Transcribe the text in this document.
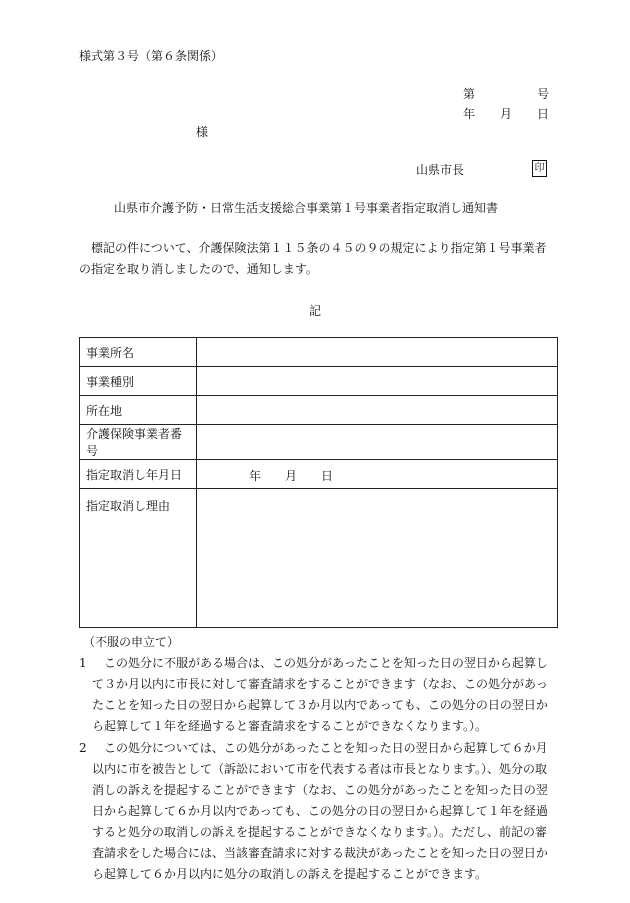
様式第３号（第６条関係）
第	号
年 月 日
様
山県市長	印
山県市介護予防・日常生活支援総合事業第１号事業者指定取消し通知書

標記の件について、介護保険法第１１５条の４５の９の規定により指定第１号事業者の指定を取り消しましたので、通知します。

記
事業所名	
事業種別	
所在地	
介護保険事業者番号	
指定取消し年月日	年 月 日

指定取消し理由	
（不服の申立て）
1	この処分に不服がある場合は、この処分があったことを知った日の翌日から起算して３か月以内に市長に対して審査請求をすることができます（なお、この処分があったことを知った日の翌日から起算して３か月以内であっても、この処分の日の翌日から起算して１年を経過すると審査請求をすることができなくなります。）。
2	この処分については、この処分があったことを知った日の翌日から起算して６か月以内に市を被告として（訴訟において市を代表する者は市長となります。）、処分の取消しの訴えを提起することができます（なお、この処分があったことを知った日の翌日から起算して６か月以内であっても、この処分の日の翌日から起算して１年を経過すると処分の取消しの訴えを提起することができなくなります。）。ただし、前記の審査請求をした場合には、当該審査請求に対する裁決があったことを知った日の翌日から起算して６か月以内に処分の取消しの訴えを提起することができます。
